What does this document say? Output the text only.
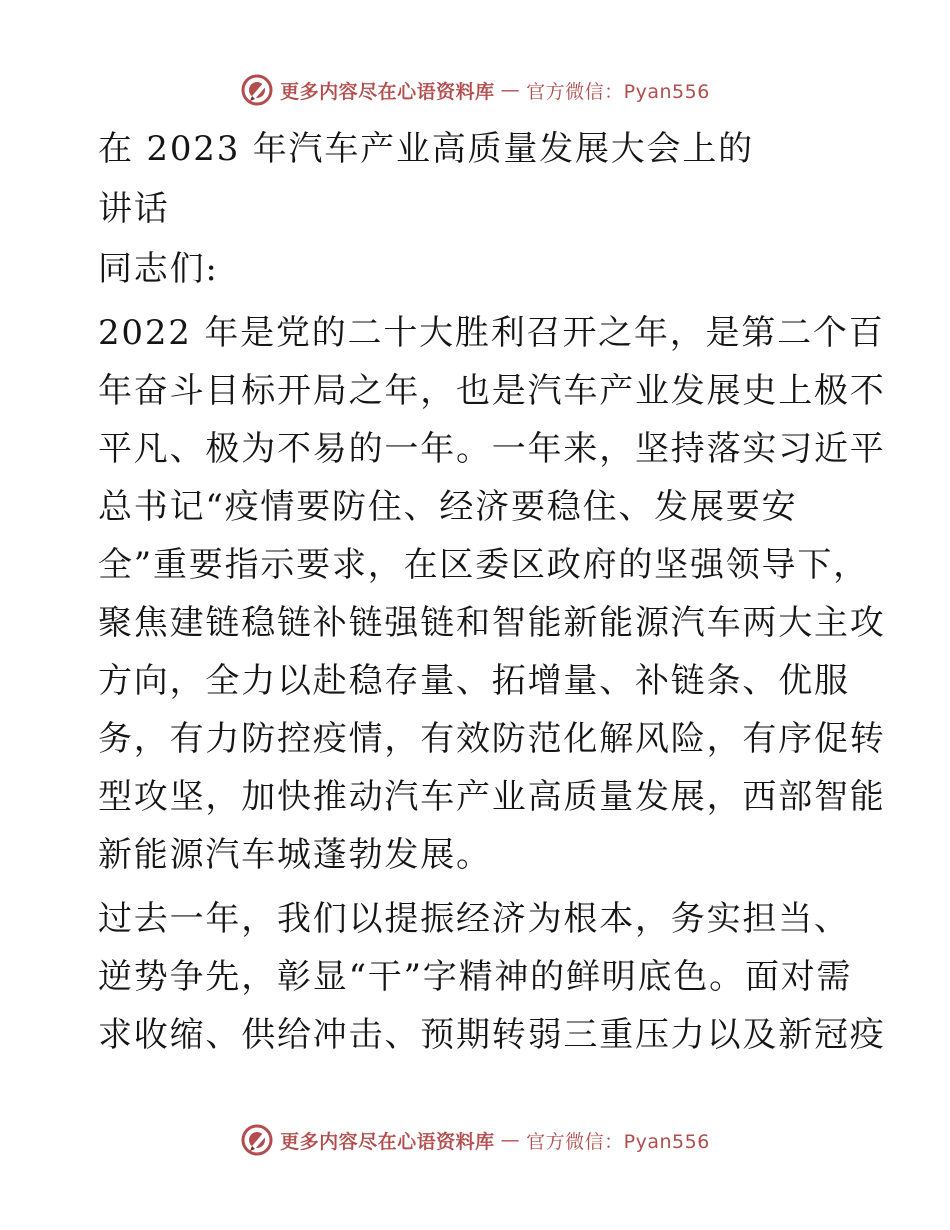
更多内容尽在心语资料库 — 官方微信：Pyan556
在 2023 年汽车产业高质量发展大会上的
讲话
同志们:
2022 年是党的二十大胜利召开之年，是第二个百
年奋斗目标开局之年，也是汽车产业发展史上极不
平凡、极为不易的一年。一年来，坚持落实习近平
总书记“疫情要防住、经济要稳住、发展要安
全”重要指示要求，在区委区政府的坚强领导下，
聚焦建链稳链补链强链和智能新能源汽车两大主攻
方向，全力以赴稳存量、拓增量、补链条、优服
务，有力防控疫情，有效防范化解风险，有序促转
型攻坚，加快推动汽车产业高质量发展，西部智能
新能源汽车城蓬勃发展。
过去一年，我们以提振经济为根本，务实担当、
逆势争先，彰显“干”字精神的鲜明底色。面对需
求收缩、供给冲击、预期转弱三重压力以及新冠疫
更多内容尽在心语资料库 — 官方微信：Pyan556
